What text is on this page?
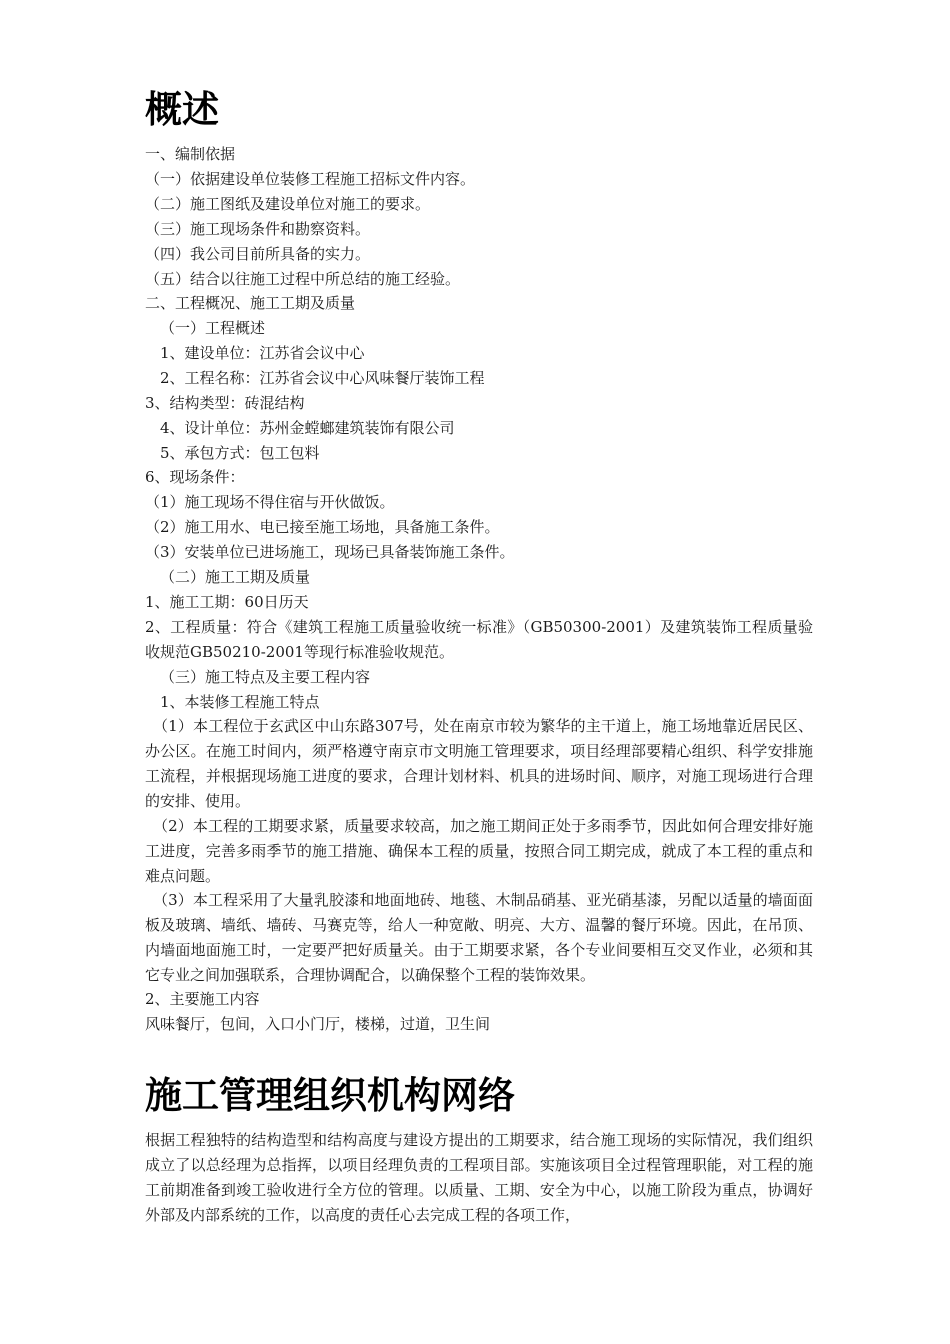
概述
一、编制依据
（一）依据建设单位装修工程施工招标文件内容。
（二）施工图纸及建设单位对施工的要求。
（三）施工现场条件和勘察资料。
（四）我公司目前所具备的实力。
（五）结合以往施工过程中所总结的施工经验。
二、工程概况、施工工期及质量
（一）工程概述
1、建设单位：江苏省会议中心
2、工程名称：江苏省会议中心风味餐厅装饰工程
3、结构类型：砖混结构
4、设计单位：苏州金螳螂建筑装饰有限公司
5、承包方式：包工包料
6、现场条件：
（1）施工现场不得住宿与开伙做饭。
（2）施工用水、电已接至施工场地，具备施工条件。
（3）安装单位已进场施工，现场已具备装饰施工条件。
（二）施工工期及质量
1、施工工期：60日历天
2、工程质量：符合《建筑工程施工质量验收统一标准》（GB50300-2001）及建筑装饰工程质量验收规范GB50210-2001等现行标准验收规范。
（三）施工特点及主要工程内容
1、本装修工程施工特点
（1）本工程位于玄武区中山东路307号，处在南京市较为繁华的主干道上，施工场地靠近居民区、办公区。在施工时间内，须严格遵守南京市文明施工管理要求，项目经理部要精心组织、科学安排施工流程，并根据现场施工进度的要求，合理计划材料、机具的进场时间、顺序，对施工现场进行合理的安排、使用。
（2）本工程的工期要求紧，质量要求较高，加之施工期间正处于多雨季节，因此如何合理安排好施工进度，完善多雨季节的施工措施、确保本工程的质量，按照合同工期完成，就成了本工程的重点和难点问题。
（3）本工程采用了大量乳胶漆和地面地砖、地毯、木制品硝基、亚光硝基漆，另配以适量的墙面面板及玻璃、墙纸、墙砖、马赛克等，给人一种宽敞、明亮、大方、温馨的餐厅环境。因此，在吊顶、内墙面地面施工时，一定要严把好质量关。由于工期要求紧，各个专业间要相互交叉作业，必须和其它专业之间加强联系，合理协调配合，以确保整个工程的装饰效果。
2、主要施工内容
风味餐厅，包间，入口小门厅，楼梯，过道，卫生间
施工管理组织机构网络
根据工程独特的结构造型和结构高度与建设方提出的工期要求，结合施工现场的实际情况，我们组织成立了以总经理为总指挥，以项目经理负责的工程项目部。实施该项目全过程管理职能，对工程的施工前期准备到竣工验收进行全方位的管理。以质量、工期、安全为中心，以施工阶段为重点，协调好外部及内部系统的工作，以高度的责任心去完成工程的各项工作，
